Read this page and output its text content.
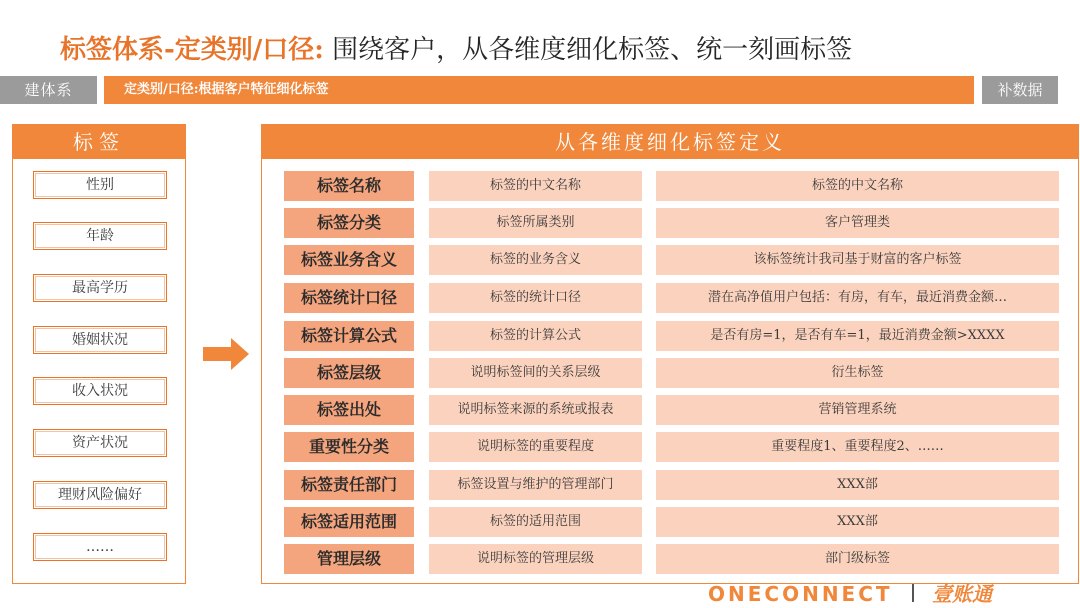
标签体系-定类别/口径: 围绕客户，从各维度细化标签、统一刻画标签
建体系	定类别/口径:根据客户特征细化标签	补数据
标签
性别
年龄
最高学历
婚姻状况
收入状况
资产状况
理财风险偏好
……
从各维度细化标签定义
标签名称	标签的中文名称	标签的中文名称
标签分类	标签所属类别	客户管理类
标签业务含义	标签的业务含义	该标签统计我司基于财富的客户标签
标签统计口径	标签的统计口径	潜在高净值用户包括：有房，有车，最近消费金额…
标签计算公式	标签的计算公式	是否有房=1，是否有车=1，最近消费金额>XXXX
标签层级	说明标签间的关系层级	衍生标签
标签出处	说明标签来源的系统或报表	营销管理系统
重要性分类	说明标签的重要程度	重要程度1、重要程度2、……
标签责任部门	标签设置与维护的管理部门	XXX部
标签适用范围	标签的适用范围	XXX部
管理层级	说明标签的管理层级	部门级标签
ONECONNECT 壹账通
